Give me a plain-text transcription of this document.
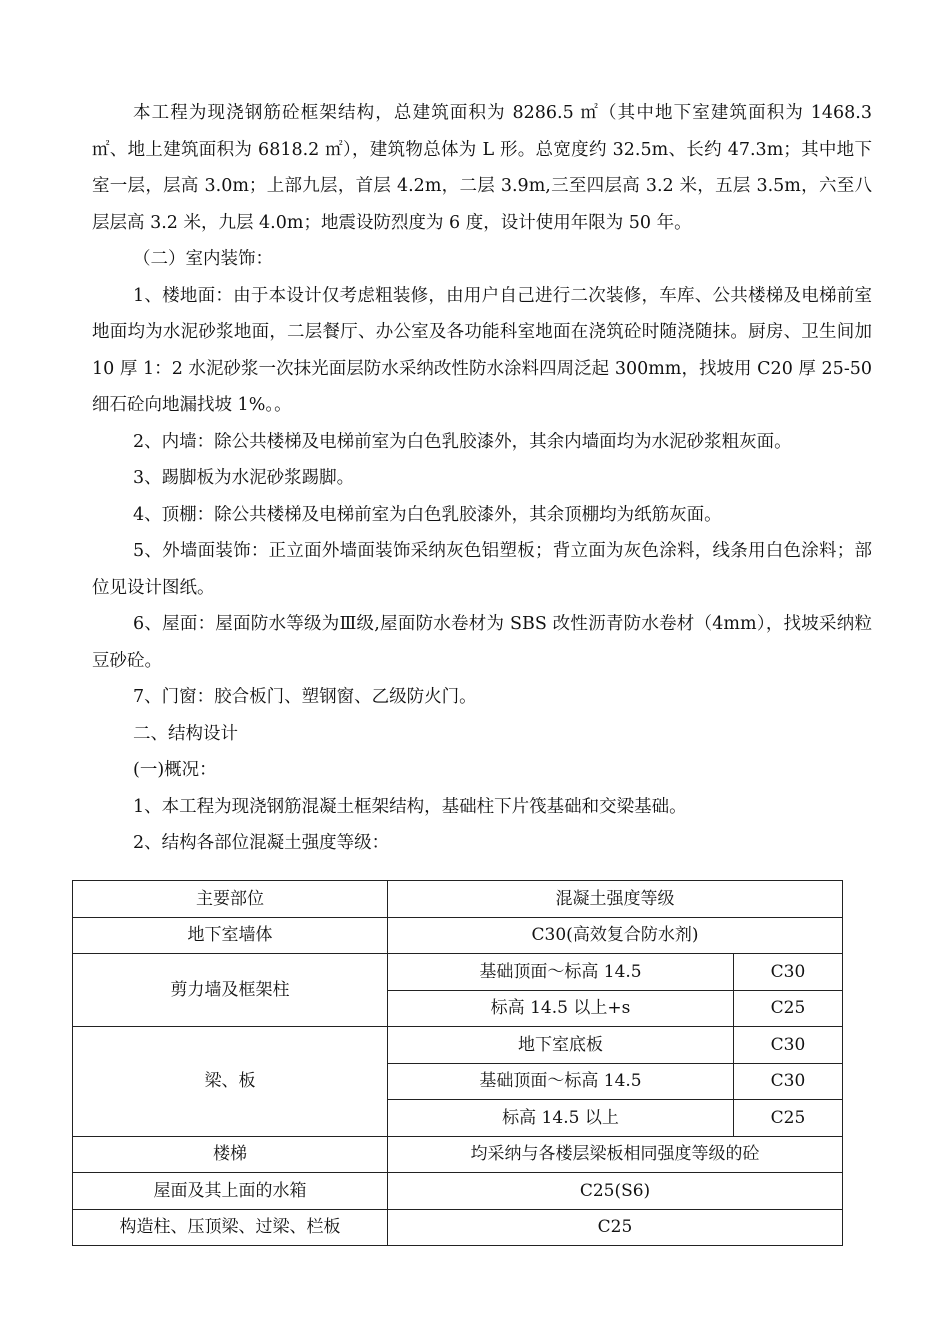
本工程为现浇钢筋砼框架结构，总建筑面积为 8286.5 ㎡（其中地下室建筑面积为 1468.3 ㎡、地上建筑面积为 6818.2 ㎡），建筑物总体为 L 形。总宽度约 32.5m、长约 47.3m；其中地下室一层，层高 3.0m；上部九层，首层 4.2m，二层 3.9m,三至四层高 3.2 米，五层 3.5m，六至八层层高 3.2 米，九层 4.0m；地震设防烈度为 6 度，设计使用年限为 50 年。

（二）室内装饰：

1、楼地面：由于本设计仅考虑粗装修，由用户自己进行二次装修，车库、公共楼梯及电梯前室地面均为水泥砂浆地面，二层餐厅、办公室及各功能科室地面在浇筑砼时随浇随抹。厨房、卫生间加 10 厚 1：2 水泥砂浆一次抹光面层防水采纳改性防水涂料四周泛起 300mm，找坡用 C20 厚 25-50 细石砼向地漏找坡 1%。。

2、内墙：除公共楼梯及电梯前室为白色乳胶漆外，其余内墙面均为水泥砂浆粗灰面。

3、踢脚板为水泥砂浆踢脚。

4、顶棚：除公共楼梯及电梯前室为白色乳胶漆外，其余顶棚均为纸筋灰面。

5、外墙面装饰：正立面外墙面装饰采纳灰色铝塑板；背立面为灰色涂料，线条用白色涂料；部位见设计图纸。

6、屋面：屋面防水等级为Ⅲ级,屋面防水卷材为 SBS 改性沥青防水卷材（4mm），找坡采纳粒豆砂砼。

7、门窗：胶合板门、塑钢窗、乙级防火门。

二、结构设计

(一)概况：

1、本工程为现浇钢筋混凝土框架结构，基础柱下片筏基础和交梁基础。

2、结构各部位混凝土强度等级：

主要部位	混凝土强度等级	
地下室墙体	C30(高效复合防水剂)	
剪力墙及框架柱	基础顶面～标高 14.5	C30
	标高 14.5 以上+s	C25
梁、板	地下室底板	C30
	基础顶面～标高 14.5	C30
	标高 14.5 以上	C25
楼梯	均采纳与各楼层梁板相同强度等级的砼	
屋面及其上面的水箱	C25(S6)	
构造柱、压顶梁、过梁、栏板	C25	
